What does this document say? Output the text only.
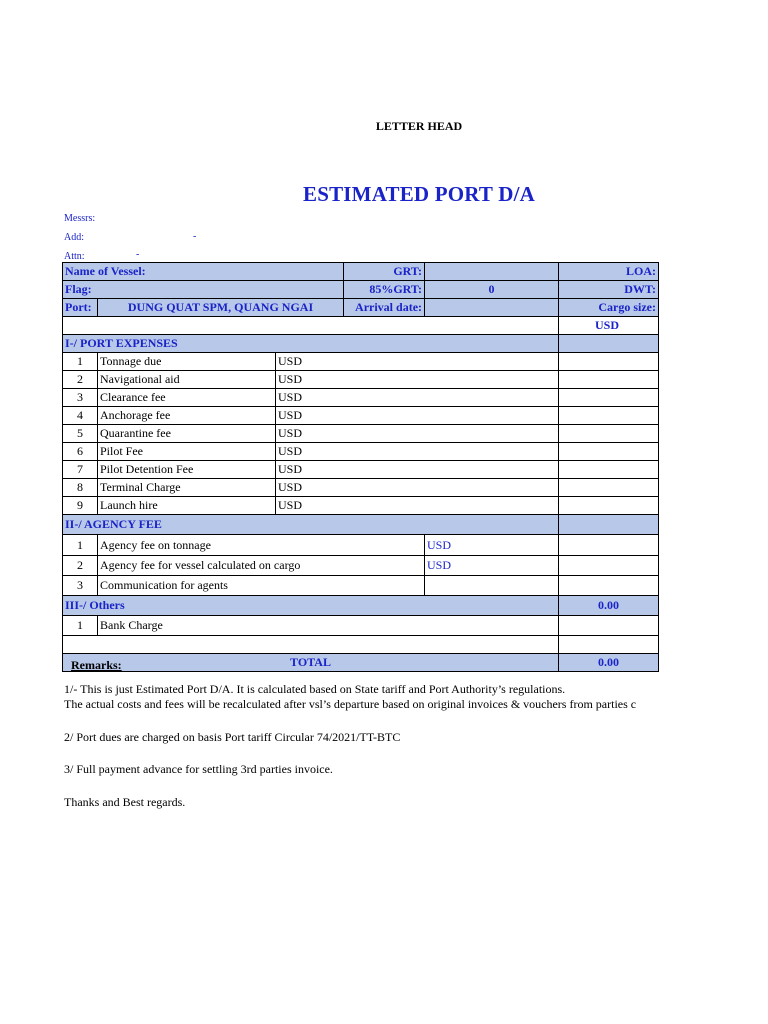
LETTER HEAD
ESTIMATED PORT D/A
Messrs:
Add:	-
Attn:	-
Name of Vessel:			GRT:		LOA:
Flag:			85%GRT:	0	DWT:
Port:	DUNG QUAT SPM, QUANG NGAI		Arrival date:		Cargo size:
					USD
I-/ PORT EXPENSES					
1	Tonnage due	USD			
2	Navigational aid	USD			
3	Clearance fee	USD			
4	Anchorage fee	USD			
5	Quarantine fee	USD			
6	Pilot Fee	USD			
7	Pilot Detention Fee	USD			
8	Terminal Charge	USD			
9	Launch hire	USD			
II-/ AGENCY FEE					
1	Agency fee on tonnage			USD	
2	Agency fee for vessel calculated on cargo			USD	
3	Communication for agents				
III-/ Others					0.00
1	Bank Charge				

TOTAL					0.00
Remarks:
1/- This is just Estimated Port D/A. It is calculated based on State tariff and Port Authority’s regulations.
The actual costs and fees will be recalculated after vsl’s departure based on original invoices & vouchers from parties c
2/ Port dues are charged on basis Port tariff Circular 74/2021/TT-BTC
3/ Full payment advance for settling 3rd parties invoice.
Thanks and Best regards.
